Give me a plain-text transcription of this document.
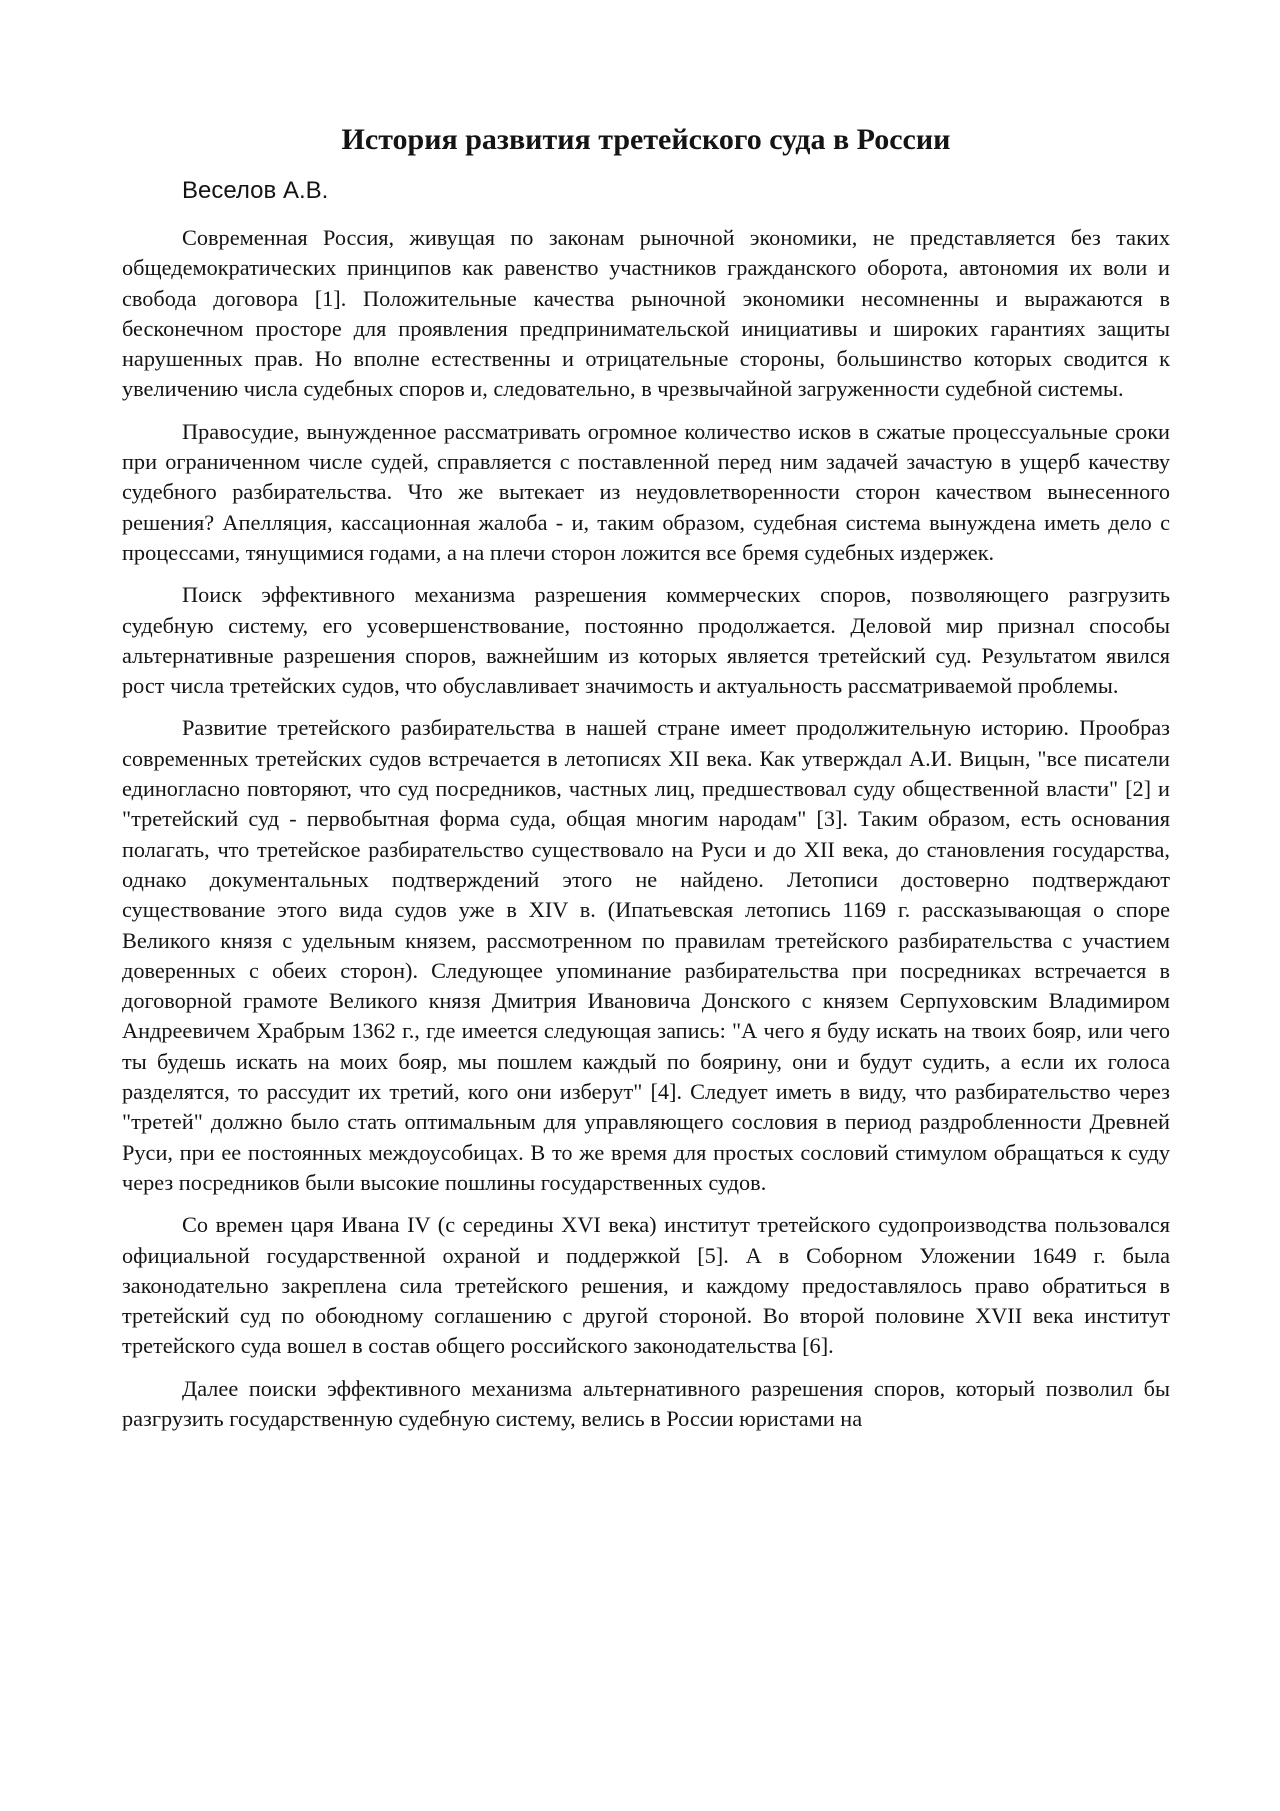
История развития третейского суда в России
Веселов А.В.

Современная Россия, живущая по законам рыночной экономики, не представляется без таких общедемократических принципов как равенство участников гражданского оборота, автономия их воли и свобода договора [1]. Положительные качества рыночной экономики несомненны и выражаются в бесконечном просторе для проявления предпринимательской инициативы и широких гарантиях защиты нарушенных прав. Но вполне естественны и отрицательные стороны, большинство которых сводится к увеличению числа судебных споров и, следовательно, в чрезвычайной загруженности судебной системы.

Правосудие, вынужденное рассматривать огромное количество исков в сжатые процессуальные сроки при ограниченном числе судей, справляется с поставленной перед ним задачей зачастую в ущерб качеству судебного разбирательства. Что же вытекает из неудовлетворенности сторон качеством вынесенного решения? Апелляция, кассационная жалоба - и, таким образом, судебная система вынуждена иметь дело с процессами, тянущимися годами, а на плечи сторон ложится все бремя судебных издержек.

Поиск эффективного механизма разрешения коммерческих споров, позволяющего разгрузить судебную систему, его усовершенствование, постоянно продолжается. Деловой мир признал способы альтернативные разрешения споров, важнейшим из которых является третейский суд. Результатом явился рост числа третейских судов, что обуславливает значимость и актуальность рассматриваемой проблемы.

Развитие третейского разбирательства в нашей стране имеет продолжительную историю. Прообраз современных третейских судов встречается в летописях XII века. Как утверждал А.И. Вицын, "все писатели единогласно повторяют, что суд посредников, частных лиц, предшествовал суду общественной власти" [2] и "третейский суд - первобытная форма суда, общая многим народам" [3]. Таким образом, есть основания полагать, что третейское разбирательство существовало на Руси и до XII века, до становления государства, однако документальных подтверждений этого не найдено. Летописи достоверно подтверждают существование этого вида судов уже в XIV в. (Ипатьевская летопись 1169 г. рассказывающая о споре Великого князя с удельным князем, рассмотренном по правилам третейского разбирательства с участием доверенных с обеих сторон). Следующее упоминание разбирательства при посредниках встречается в договорной грамоте Великого князя Дмитрия Ивановича Донского с князем Серпуховским Владимиром Андреевичем Храбрым 1362 г., где имеется следующая запись: "А чего я буду искать на твоих бояр, или чего ты будешь искать на моих бояр, мы пошлем каждый по боярину, они и будут судить, а если их голоса разделятся, то рассудит их третий, кого они изберут" [4]. Следует иметь в виду, что разбирательство через "третей" должно было стать оптимальным для управляющего сословия в период раздробленности Древней Руси, при ее постоянных междоусобицах. В то же время для простых сословий стимулом обращаться к суду через посредников были высокие пошлины государственных судов.

Со времен царя Ивана IV (с середины XVI века) институт третейского судопроизводства пользовался официальной государственной охраной и поддержкой [5]. А в Соборном Уложении 1649 г. была законодательно закреплена сила третейского решения, и каждому предоставлялось право обратиться в третейский суд по обоюдному соглашению с другой стороной. Во второй половине XVII века институт третейского суда вошел в состав общего российского законодательства [6].

Далее поиски эффективного механизма альтернативного разрешения споров, который позволил бы разгрузить государственную судебную систему, велись в России юристами на
